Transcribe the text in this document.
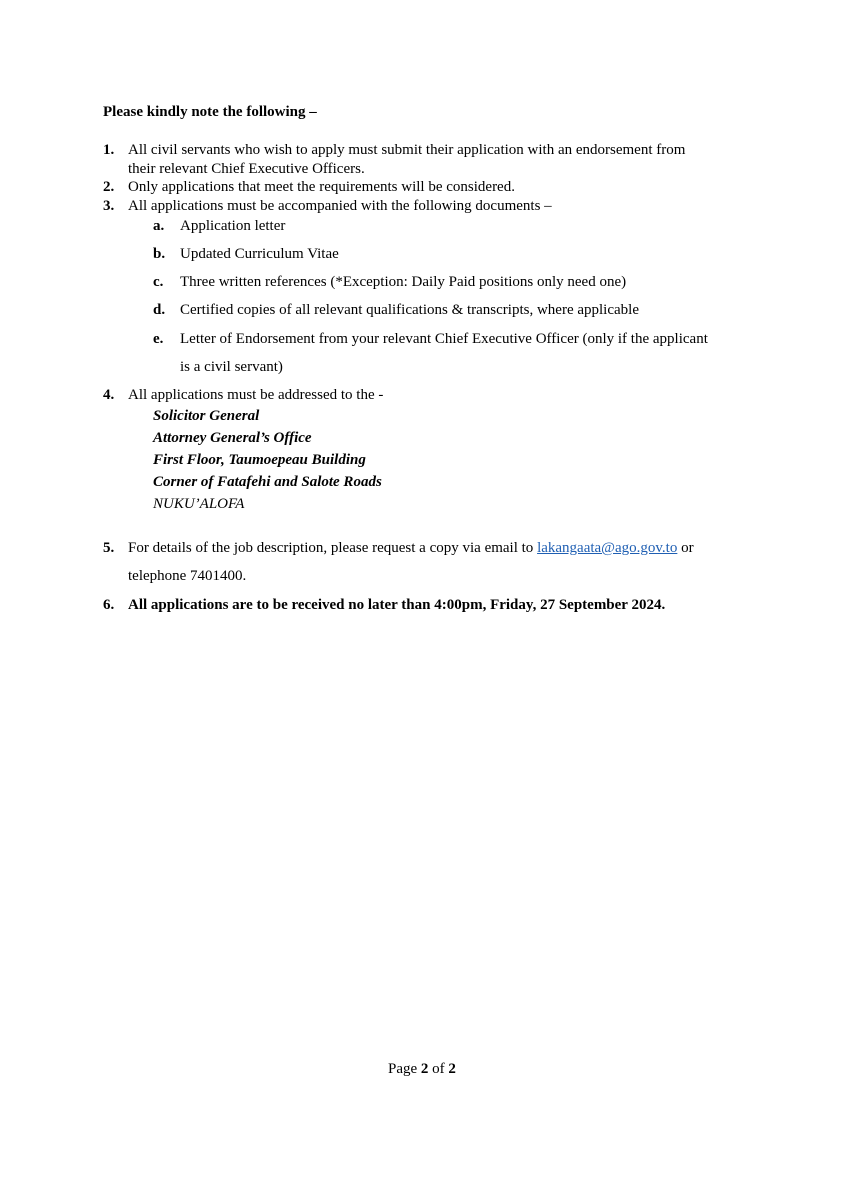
Please kindly note the following –
1. All civil servants who wish to apply must submit their application with an endorsement from
their relevant Chief Executive Officers.
2. Only applications that meet the requirements will be considered.
3. All applications must be accompanied with the following documents –
a. Application letter
b. Updated Curriculum Vitae
c. Three written references (*Exception: Daily Paid positions only need one)
d. Certified copies of all relevant qualifications & transcripts, where applicable
e. Letter of Endorsement from your relevant Chief Executive Officer (only if the applicant
is a civil servant)
4. All applications must be addressed to the -
Solicitor General
Attorney General’s Office
First Floor, Taumoepeau Building
Corner of Fatafehi and Salote Roads
NUKU’ALOFA
5. For details of the job description, please request a copy via email to lakangaata@ago.gov.to or
telephone 7401400.
6. All applications are to be received no later than 4:00pm, Friday, 27 September 2024.
Page 2 of 2
